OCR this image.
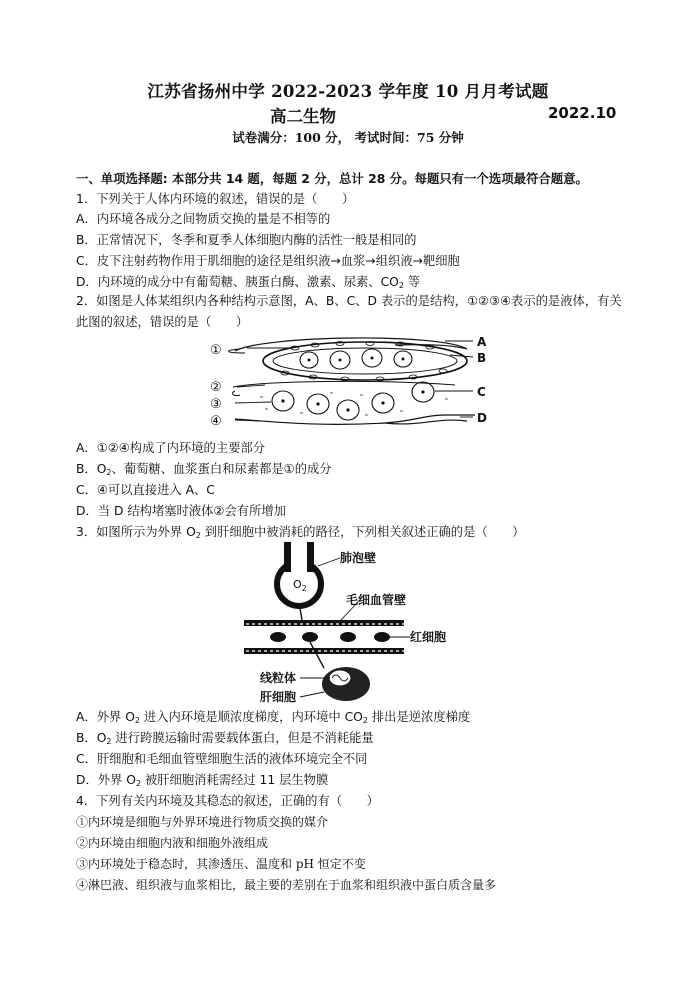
江苏省扬州中学 2022-2023 学年度 10 月月考试题
高二生物	2022.10
试卷满分：100 分， 考试时间：75 分钟
一、单项选择题: 本部分共 14 题，每题 2 分，总计 28 分。每题只有一个选项最符合题意。
1．下列关于人体内环境的叙述，错误的是（　　）
A．内环境各成分之间物质交换的量是不相等的
B．正常情况下，冬季和夏季人体细胞内酶的活性一般是相同的
C．皮下注射药物作用于肌细胞的途径是组织液→血浆→组织液→靶细胞
D．内环境的成分中有葡萄糖、胰蛋白酶、激素、尿素、$CO_2$ 等
2．如图是人体某组织内各种结构示意图，A、B、C、D 表示的是结构，①②③④表示的是液体，有关此图的叙述，错误的是（　　）
①
②
③
④
A
B
C
D
A．①②④构成了内环境的主要部分
B．$O_2$、葡萄糖、血浆蛋白和尿素都是①的成分
C．④可以直接进入 A、C
D．当 D 结构堵塞时液体②会有所增加
3．如图所示为外界 $O_2$ 到肝细胞中被消耗的路径，下列相关叙述正确的是（　　）
$O_2$
肺泡壁
毛细血管壁
红细胞
线粒体
肝细胞
A．外界 $O_2$ 进入内环境是顺浓度梯度，内环境中 $CO_2$ 排出是逆浓度梯度
B．$O_2$ 进行跨膜运输时需要载体蛋白，但是不消耗能量
C．肝细胞和毛细血管壁细胞生活的液体环境完全不同
D．外界 $O_2$ 被肝细胞消耗需经过 11 层生物膜
4．下列有关内环境及其稳态的叙述，正确的有（　　）
①内环境是细胞与外界环境进行物质交换的媒介
②内环境由细胞内液和细胞外液组成
③内环境处于稳态时，其渗透压、温度和 pH 恒定不变
④淋巴液、组织液与血浆相比，最主要的差别在于血浆和组织液中蛋白质含量多
